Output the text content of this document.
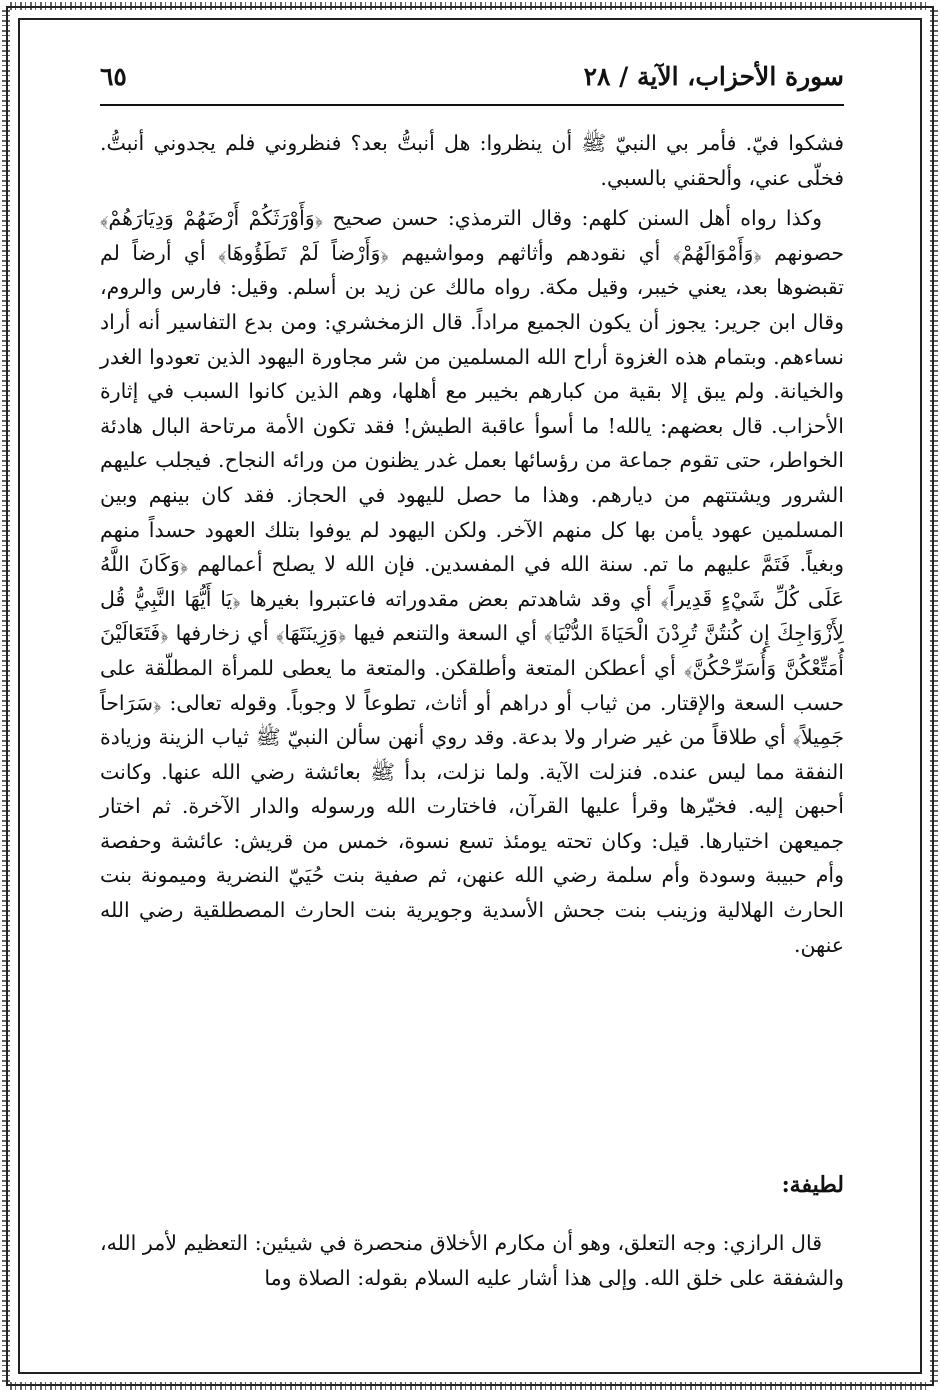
سورة الأحزاب، الآية / ٢٨
٦٥

فشكوا فيّ. فأمر بي النبيّ ﷺ أن ينظروا: هل أنبتُّ بعد؟ فنظروني فلم يجدوني أنبتُّ. فخلّى عني، وألحقني بالسبي.

وكذا رواه أهل السنن كلهم: وقال الترمذي: حسن صحيح ﴿وَأَوْرَثَكُمْ أَرْضَهُمْ وَدِيَارَهُمْ﴾ حصونهم ﴿وَأَمْوَالَهُمْ﴾ أي نقودهم وأثاثهم ومواشيهم ﴿وَأَرْضاً لَمْ تَطَؤُوهَا﴾ أي أرضاً لم تقبضوها بعد، يعني خيبر، وقيل مكة. رواه مالك عن زيد بن أسلم. وقيل: فارس والروم، وقال ابن جرير: يجوز أن يكون الجميع مراداً. قال الزمخشري: ومن بدع التفاسير أنه أراد نساءهم. وبتمام هذه الغزوة أراح الله المسلمين من شر مجاورة اليهود الذين تعودوا الغدر والخيانة. ولم يبق إلا بقية من كبارهم بخيبر مع أهلها، وهم الذين كانوا السبب في إثارة الأحزاب. قال بعضهم: يالله! ما أسوأ عاقبة الطيش! فقد تكون الأمة مرتاحة البال هادئة الخواطر، حتى تقوم جماعة من رؤسائها بعمل غدر يظنون من ورائه النجاح. فيجلب عليهم الشرور ويشتتهم من ديارهم. وهذا ما حصل لليهود في الحجاز. فقد كان بينهم وبين المسلمين عهود يأمن بها كل منهم الآخر. ولكن اليهود لم يوفوا بتلك العهود حسداً منهم وبغياً. فَتَمَّ عليهم ما تم. سنة الله في المفسدين. فإن الله لا يصلح أعمالهم ﴿وَكَانَ اللَّهُ عَلَى كُلِّ شَيْءٍ قَدِيراً﴾ أي وقد شاهدتم بعض مقدوراته فاعتبروا بغيرها ﴿يَا أَيُّهَا النَّبِيُّ قُل لِأَزْوَاجِكَ إِن كُنتُنَّ تُرِدْنَ الْحَيَاةَ الدُّنْيَا﴾ أي السعة والتنعم فيها ﴿وَزِينَتَهَا﴾ أي زخارفها ﴿فَتَعَالَيْنَ أُمَتِّعْكُنَّ وَأُسَرِّحْكُنَّ﴾ أي أعطكن المتعة وأطلقكن. والمتعة ما يعطى للمرأة المطلّقة على حسب السعة والإقتار. من ثياب أو دراهم أو أثاث، تطوعاً لا وجوباً. وقوله تعالى: ﴿سَرَاحاً جَمِيلاً﴾ أي طلاقاً من غير ضرار ولا بدعة. وقد روي أنهن سألن النبيّ ﷺ ثياب الزينة وزيادة النفقة مما ليس عنده. فنزلت الآية. ولما نزلت، بدأ ﷺ بعائشة رضي الله عنها. وكانت أحبهن إليه. فخيّرها وقرأ عليها القرآن، فاختارت الله ورسوله والدار الآخرة. ثم اختار جميعهن اختيارها. قيل: وكان تحته يومئذ تسع نسوة، خمس من قريش: عائشة وحفصة وأم حبيبة وسودة وأم سلمة رضي الله عنهن، ثم صفية بنت حُيَيّ النضرية وميمونة بنت الحارث الهلالية وزينب بنت جحش الأسدية وجويرية بنت الحارث المصطلقية رضي الله عنهن.

لطيفة:

قال الرازي: وجه التعلق، وهو أن مكارم الأخلاق منحصرة في شيئين: التعظيم لأمر الله، والشفقة على خلق الله. وإلى هذا أشار عليه السلام بقوله: الصلاة وما
